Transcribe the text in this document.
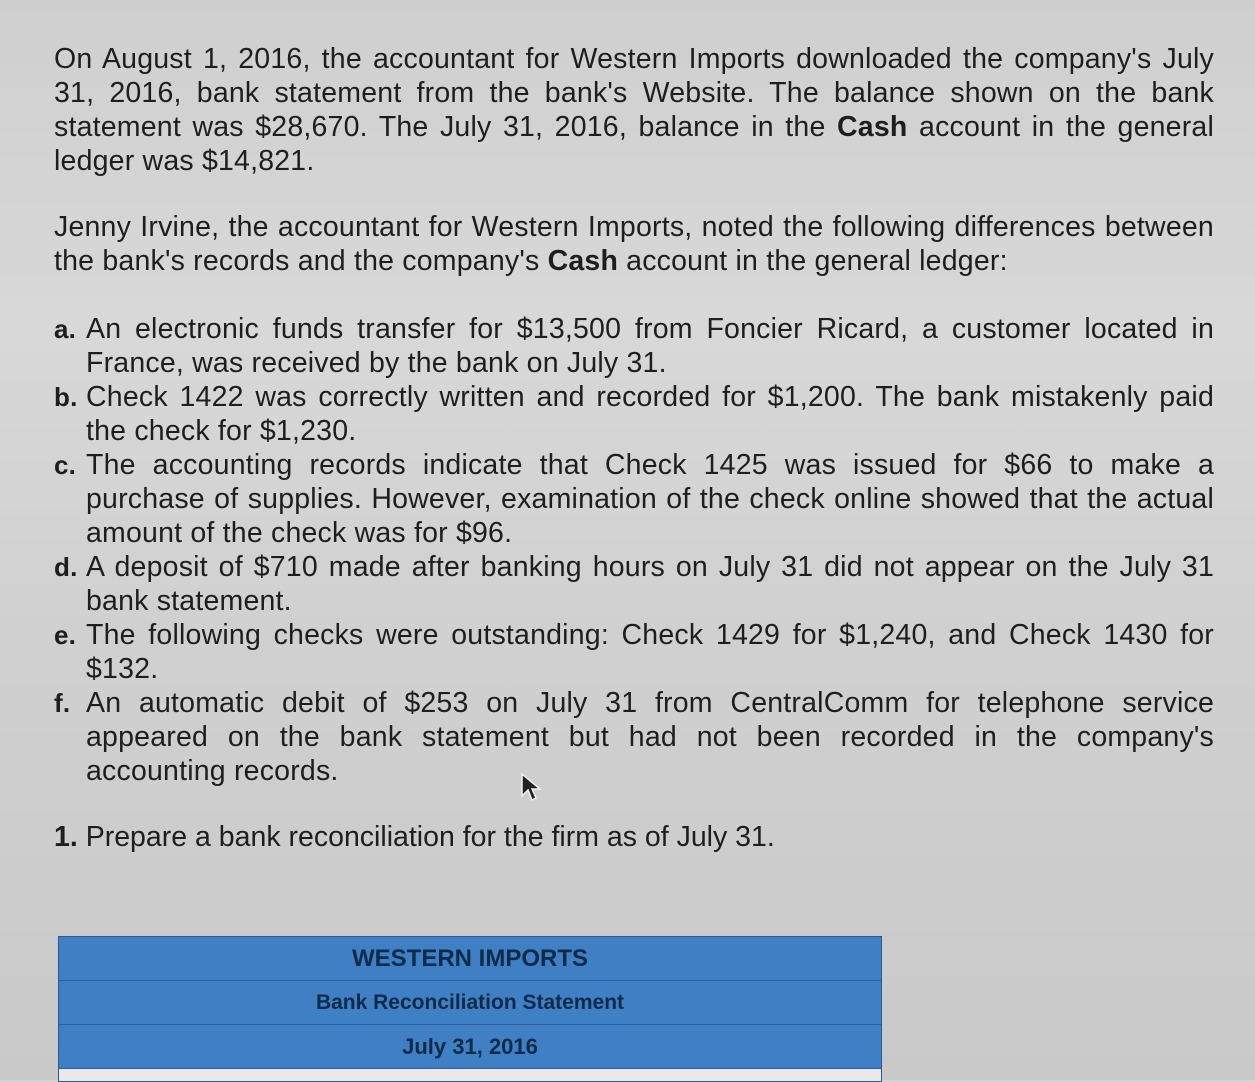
On August 1, 2016, the accountant for Western Imports downloaded the company's July 31, 2016, bank statement from the bank's Website. The balance shown on the bank statement was $28,670. The July 31, 2016, balance in the Cash account in the general ledger was $14,821.
Jenny Irvine, the accountant for Western Imports, noted the following differences between the bank's records and the company's Cash account in the general ledger:
a. An electronic funds transfer for $13,500 from Foncier Ricard, a customer located in France, was received by the bank on July 31.
b. Check 1422 was correctly written and recorded for $1,200. The bank mistakenly paid the check for $1,230.
c. The accounting records indicate that Check 1425 was issued for $66 to make a purchase of supplies. However, examination of the check online showed that the actual amount of the check was for $96.
d. A deposit of $710 made after banking hours on July 31 did not appear on the July 31 bank statement.
e. The following checks were outstanding: Check 1429 for $1,240, and Check 1430 for $132.
f. An automatic debit of $253 on July 31 from CentralComm for telephone service appeared on the bank statement but had not been recorded in the company's accounting records.
1. Prepare a bank reconciliation for the firm as of July 31.
WESTERN IMPORTS
Bank Reconciliation Statement
July 31, 2016
